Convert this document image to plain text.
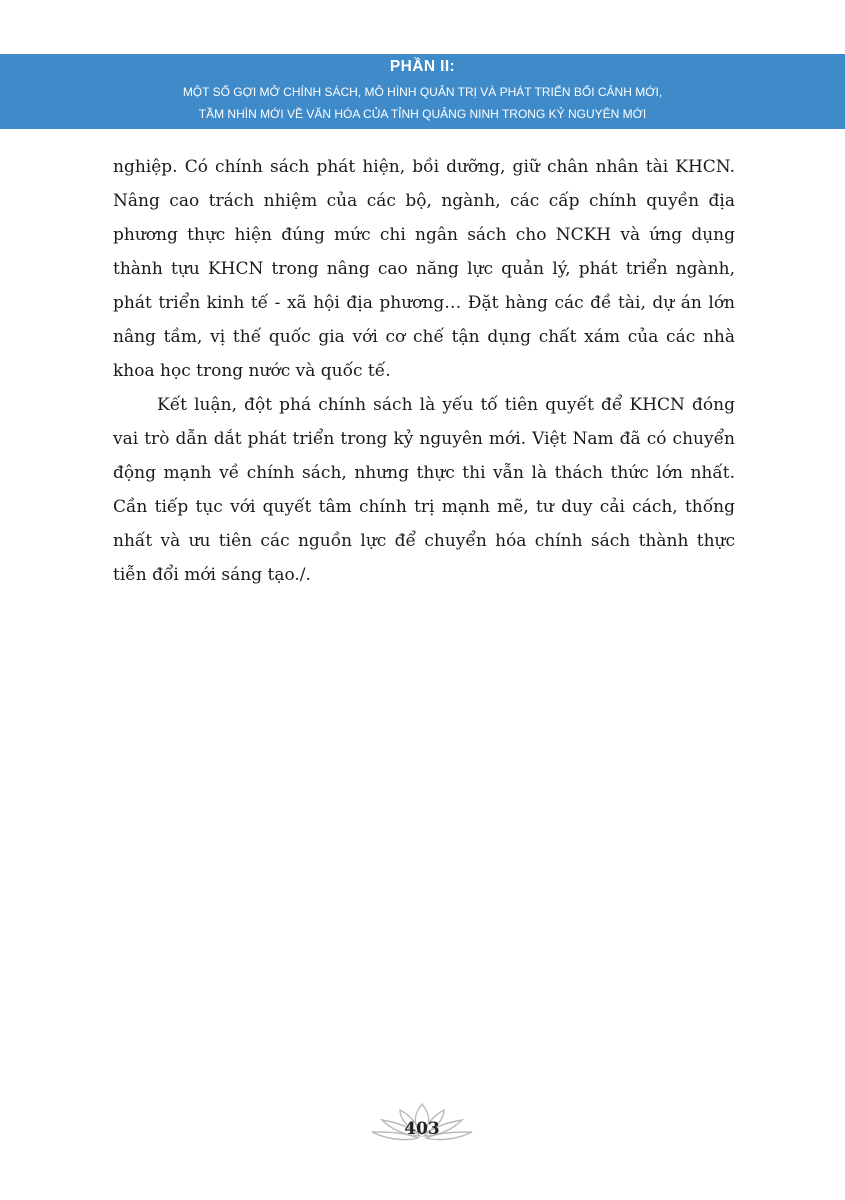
PHẦN II:
MỘT SỐ GỢI MỞ CHÍNH SÁCH, MÔ HÌNH QUẢN TRỊ VÀ PHÁT TRIỂN BỐI CẢNH MỚI,
TẦM NHÌN MỚI VỀ VĂN HÓA CỦA TỈNH QUẢNG NINH TRONG KỶ NGUYÊN MỚI

nghiệp. Có chính sách phát hiện, bồi dưỡng, giữ chân nhân tài KHCN. Nâng cao trách nhiệm của các bộ, ngành, các cấp chính quyền địa phương thực hiện đúng mức chi ngân sách cho NCKH và ứng dụng thành tựu KHCN trong nâng cao năng lực quản lý, phát triển ngành, phát triển kinh tế - xã hội địa phương… Đặt hàng các đề tài, dự án lớn nâng tầm, vị thế quốc gia với cơ chế tận dụng chất xám của các nhà khoa học trong nước và quốc tế.

Kết luận, đột phá chính sách là yếu tố tiên quyết để KHCN đóng vai trò dẫn dắt phát triển trong kỷ nguyên mới. Việt Nam đã có chuyển động mạnh về chính sách, nhưng thực thi vẫn là thách thức lớn nhất. Cần tiếp tục với quyết tâm chính trị mạnh mẽ, tư duy cải cách, thống nhất và ưu tiên các nguồn lực để chuyển hóa chính sách thành thực tiễn đổi mới sáng tạo./.

403
